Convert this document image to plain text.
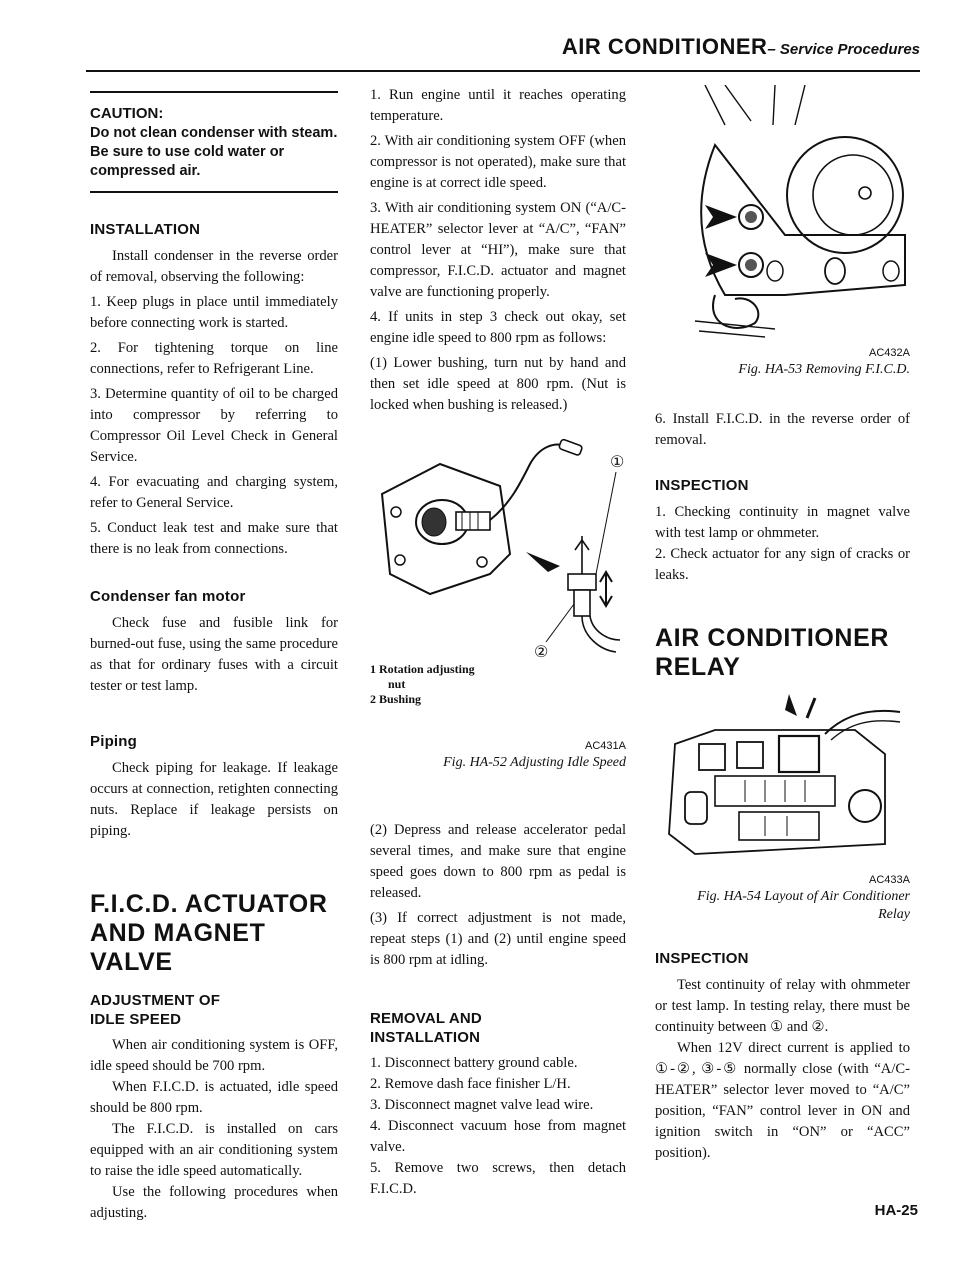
AIR CONDITIONER– Service Procedures
CAUTION:
Do not clean condenser with steam. Be sure to use cold water or compressed air.
INSTALLATION

Install condenser in the reverse order of removal, observing the following:

1. Keep plugs in place until immediately before connecting work is started.

2. For tightening torque on line connections, refer to Refrigerant Line.

3. Determine quantity of oil to be charged into compressor by referring to Compressor Oil Level Check in General Service.

4. For evacuating and charging system, refer to General Service.

5. Conduct leak test and make sure that there is no leak from connections.

Condenser fan motor

Check fuse and fusible link for burned-out fuse, using the same procedure as that for ordinary fuses with a circuit tester or test lamp.

Piping

Check piping for leakage. If leakage occurs at connection, retighten connecting nuts. Replace if leakage persists on piping.

F.I.C.D. ACTUATOR
AND MAGNET VALVE
ADJUSTMENT OF
IDLE SPEED

When air conditioning system is OFF, idle speed should be 700 rpm.

When F.I.C.D. is actuated, idle speed should be 800 rpm.

The F.I.C.D. is installed on cars equipped with an air conditioning system to raise the idle speed automatically.

Use the following procedures when adjusting.

1. Run engine until it reaches operating temperature.

2. With air conditioning system OFF (when compressor is not operated), make sure that engine is at correct idle speed.

3. With air conditioning system ON (“A/C-HEATER” selector lever at “A/C”, “FAN” control lever at “HI”), make sure that compressor, F.I.C.D. actuator and magnet valve are functioning properly.

4. If units in step 3 check out okay, set engine idle speed to 800 rpm as follows:

(1) Lower bushing, turn nut by hand and then set idle speed at 800 rpm. (Nut is locked when bushing is released.)

①
②
1 Rotation adjusting
nut
2 Bushing
AC431A
Fig. HA-52 Adjusting Idle Speed

(2) Depress and release accelerator pedal several times, and make sure that engine speed goes down to 800 rpm as pedal is released.

(3) If correct adjustment is not made, repeat steps (1) and (2) until engine speed is 800 rpm at idling.

REMOVAL AND
INSTALLATION

1. Disconnect battery ground cable.

2. Remove dash face finisher L/H.

3. Disconnect magnet valve lead wire.

4. Disconnect vacuum hose from magnet valve.

5. Remove two screws, then detach F.I.C.D.

AC432A
Fig. HA-53 Removing F.I.C.D.

6. Install F.I.C.D. in the reverse order of removal.

INSPECTION

1. Checking continuity in magnet valve with test lamp or ohmmeter.

2. Check actuator for any sign of cracks or leaks.

AIR CONDITIONER
RELAY
AC433A
Fig. HA-54 Layout of Air Conditioner
Relay
INSPECTION

Test continuity of relay with ohmmeter or test lamp. In testing relay, there must be continuity between ① and ②.

When 12V direct current is applied to ①-②, ③-⑤ normally close (with “A/C-HEATER” selector lever moved to “A/C” position, “FAN” control lever in ON and ignition switch in “ON” or “ACC” position).

HA-25
